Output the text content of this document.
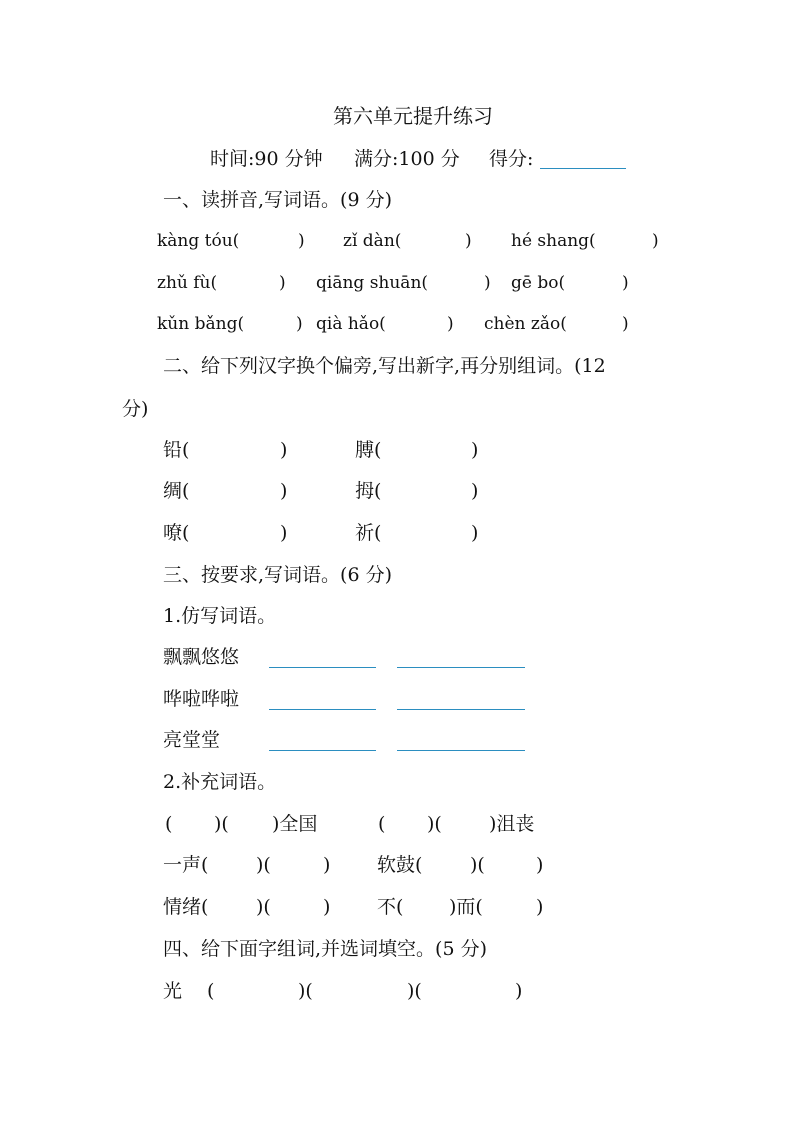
第六单元提升练习
时间:90 分钟 满分:100 分 得分:
一、读拼音,写词语。(9 分)
kàng tóu(	) zǐ dàn(	) hé shang(	)
zhǔ fù(	) qiāng shuān(	) gē bo(	)
kǔn bǎng(	) qià hǎo(	) chèn zǎo(	)
二、给下列汉字换个偏旁,写出新字,再分别组词。(12
分)
铅(	)	膊(	)
绸(	)	拇(	)
嘹(	)	祈(	)
三、按要求,写词语。(6 分)
1.仿写词语。
飘飘悠悠
哗啦哗啦
亮堂堂
2.补充词语。
( )( )全国	( )( )沮丧
一声(	)(	) 软鼓(	)(	)
情绪(	)(	) 不( )而(	)
四、给下面字组词,并选词填空。(5 分)
光 (	)(	)(	)
